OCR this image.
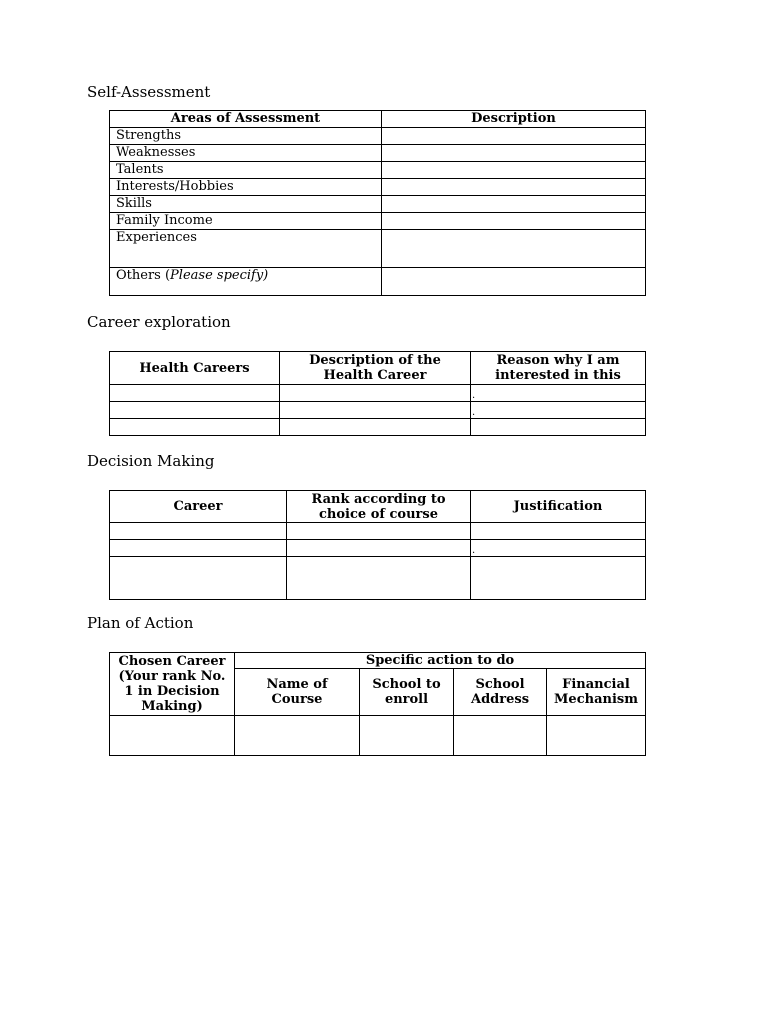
Self-Assessment
Areas of Assessment	Description
Strengths	
Weaknesses	
Talents	
Interests/Hobbies	
Skills	
Family Income	
Experiences	
Others (Please specify)	
Career exploration
Health Careers	Description of the Health Career	Reason why I am interested in this

		.

		.

Decision Making
Career	Rank according to choice of course	Justification

		.

Plan of Action
Chosen Career (Your rank No. 1 in Decision Making)	Specific action to do			
	Name of Course	School to enroll	School Address	Financial Mechanism
